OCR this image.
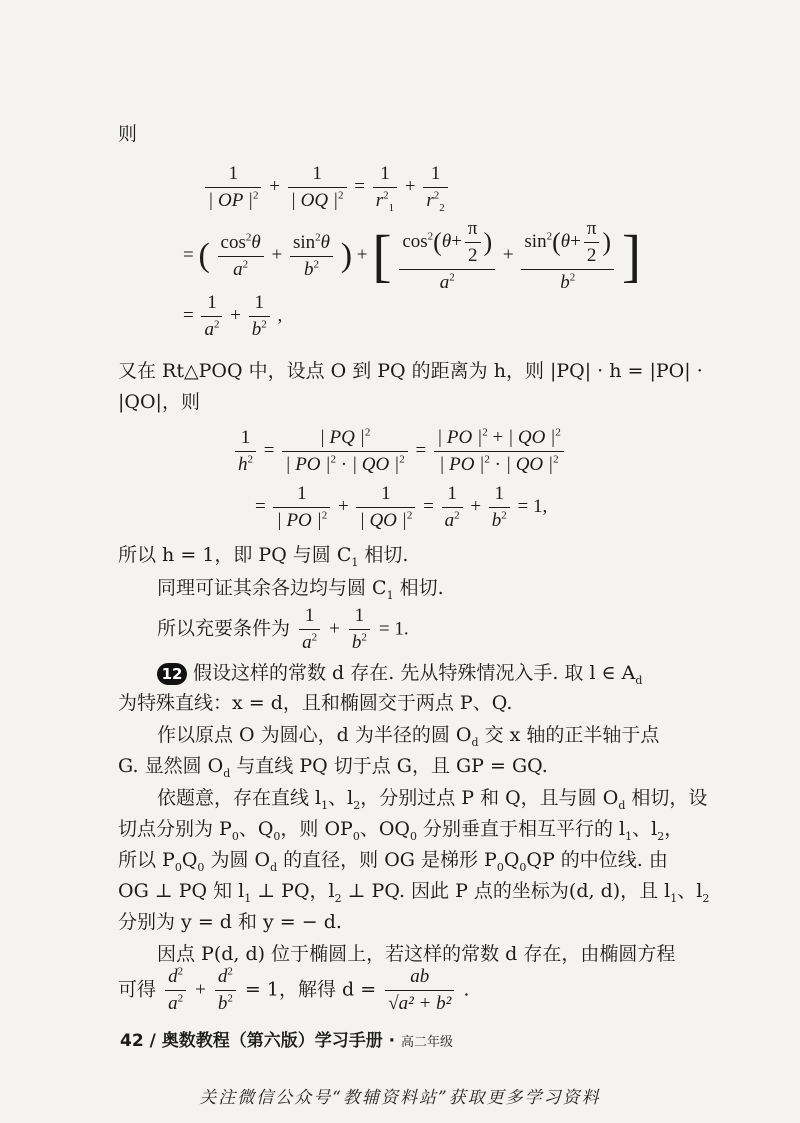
则
$\frac{1}{| OP |^2} + \frac{1}{| OQ |^2} = \frac{1}{r^2_1} + \frac{1}{r^2_2}$
= ( $\frac{\cos^2\theta}{a^2} + \frac{\sin^2\theta}{b^2}$ ) + [ $\frac{\cos^2(\theta+ \frac{\pi}{2} )}{a^2} + \frac{\sin^2(\theta+ \frac{\pi}{2} )}{b^2}$ ]
= $\frac{1}{a^2} + \frac{1}{b^2}$ ,
又在 Rt△POQ 中，设点 O 到 PQ 的距离为 h，则 |PQ| · h = |PO| ·
|QO|，则
$\frac{1}{h^2} = \frac{| PQ |^2}{| PO |^2 \cdot | QO |^2} = \frac{| PO |^2 + | QO |^2}{| PO |^2 \cdot | QO |^2}$
= $\frac{1}{| PO |^2} + \frac{1}{| QO |^2} = \frac{1}{a^2} + \frac{1}{b^2} = 1$,
所以 h = 1，即 PQ 与圆 $C_1$ 相切.
同理可证其余各边均与圆 $C_1$ 相切.
所以充要条件为 $\frac{1}{a^2} + \frac{1}{b^2} = 1$.
12 假设这样的常数 d 存在. 先从特殊情况入手. 取 l ∈ $A_d$
为特殊直线：x = d，且和椭圆交于两点 P、Q.
作以原点 O 为圆心，d 为半径的圆 $O_d$ 交 x 轴的正半轴于点
G. 显然圆 $O_d$ 与直线 PQ 切于点 G，且 GP = GQ.
依题意，存在直线 $l_1$、$l_2$，分别过点 P 和 Q，且与圆 $O_d$ 相切，设
切点分别为 $P_0$、$Q_0$，则 $OP_0$、$OQ_0$ 分别垂直于相互平行的 $l_1$、$l_2$，
所以 $P_0Q_0$ 为圆 $O_d$ 的直径，则 OG 是梯形 $P_0Q_0QP$ 的中位线. 由
OG ⊥ PQ 知 $l_1$ ⊥ PQ，$l_2$ ⊥ PQ. 因此 P 点的坐标为(d, d)，且 $l_1$、$l_2$
分别为 y = d 和 y = − d.
因点 P(d, d) 位于椭圆上，若这样的常数 d 存在，由椭圆方程
可得 $\frac{d^2}{a^2} + \frac{d^2}{b^2} = 1$，解得 $d = \frac{ab}{\text{√a² + b²}}$ .
42 / 奥数教程（第六版）学习手册 · 高二年级
关注微信公众号“教辅资料站”获取更多学习资料
